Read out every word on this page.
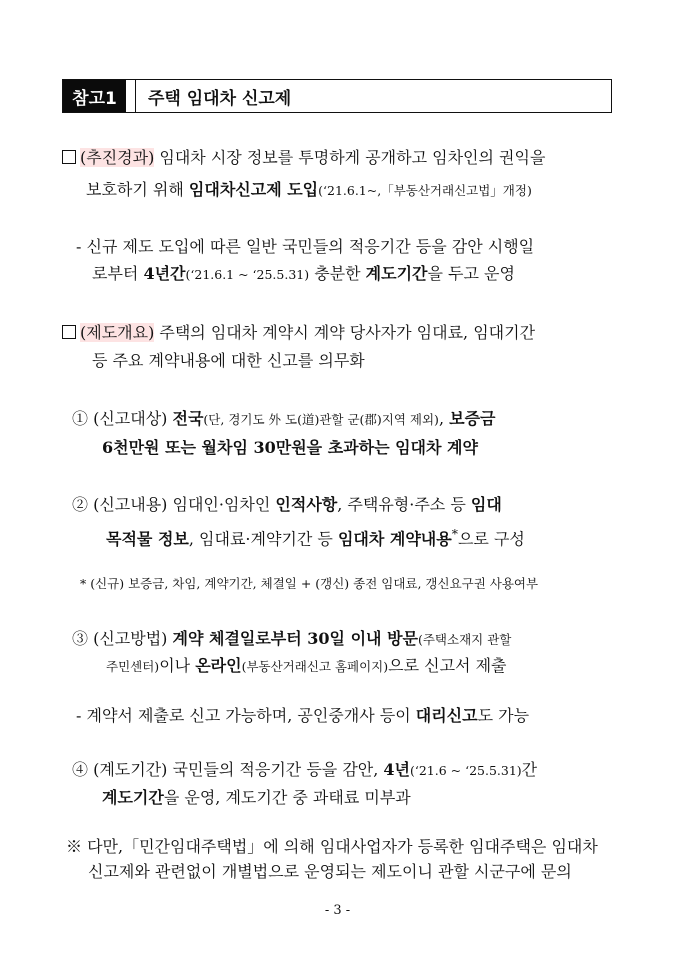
참고1	주택 임대차 신고제
(추진경과) 임대차 시장 정보를 투명하게 공개하고 임차인의 권익을
보호하기 위해 임대차신고제 도입(‘21.6.1~,「부동산거래신고법」개정)
- 신규 제도 도입에 따른 일반 국민들의 적응기간 등을 감안 시행일
로부터 4년간(‘21.6.1 ~ ‘25.5.31) 충분한 계도기간을 두고 운영
(제도개요) 주택의 임대차 계약시 계약 당사자가 임대료, 임대기간
등 주요 계약내용에 대한 신고를 의무화
① (신고대상) 전국(단, 경기도 外 도(道)관할 군(郡)지역 제외), 보증금
6천만원 또는 월차임 30만원을 초과하는 임대차 계약
② (신고내용) 임대인·임차인 인적사항, 주택유형·주소 등 임대
목적물 정보, 임대료·계약기간 등 임대차 계약내용*으로 구성
* (신규) 보증금, 차임, 계약기간, 체결일 + (갱신) 종전 임대료, 갱신요구권 사용여부
③ (신고방법) 계약 체결일로부터 30일 이내 방문(주택소재지 관할
주민센터)이나 온라인(부동산거래신고 홈페이지)으로 신고서 제출
- 계약서 제출로 신고 가능하며, 공인중개사 등이 대리신고도 가능
④ (계도기간) 국민들의 적응기간 등을 감안, 4년(‘21.6 ~ ‘25.5.31)간
계도기간을 운영, 계도기간 중 과태료 미부과
※ 다만,「민간임대주택법」에 의해 임대사업자가 등록한 임대주택은 임대차
신고제와 관련없이 개별법으로 운영되는 제도이니 관할 시군구에 문의
- 3 -
